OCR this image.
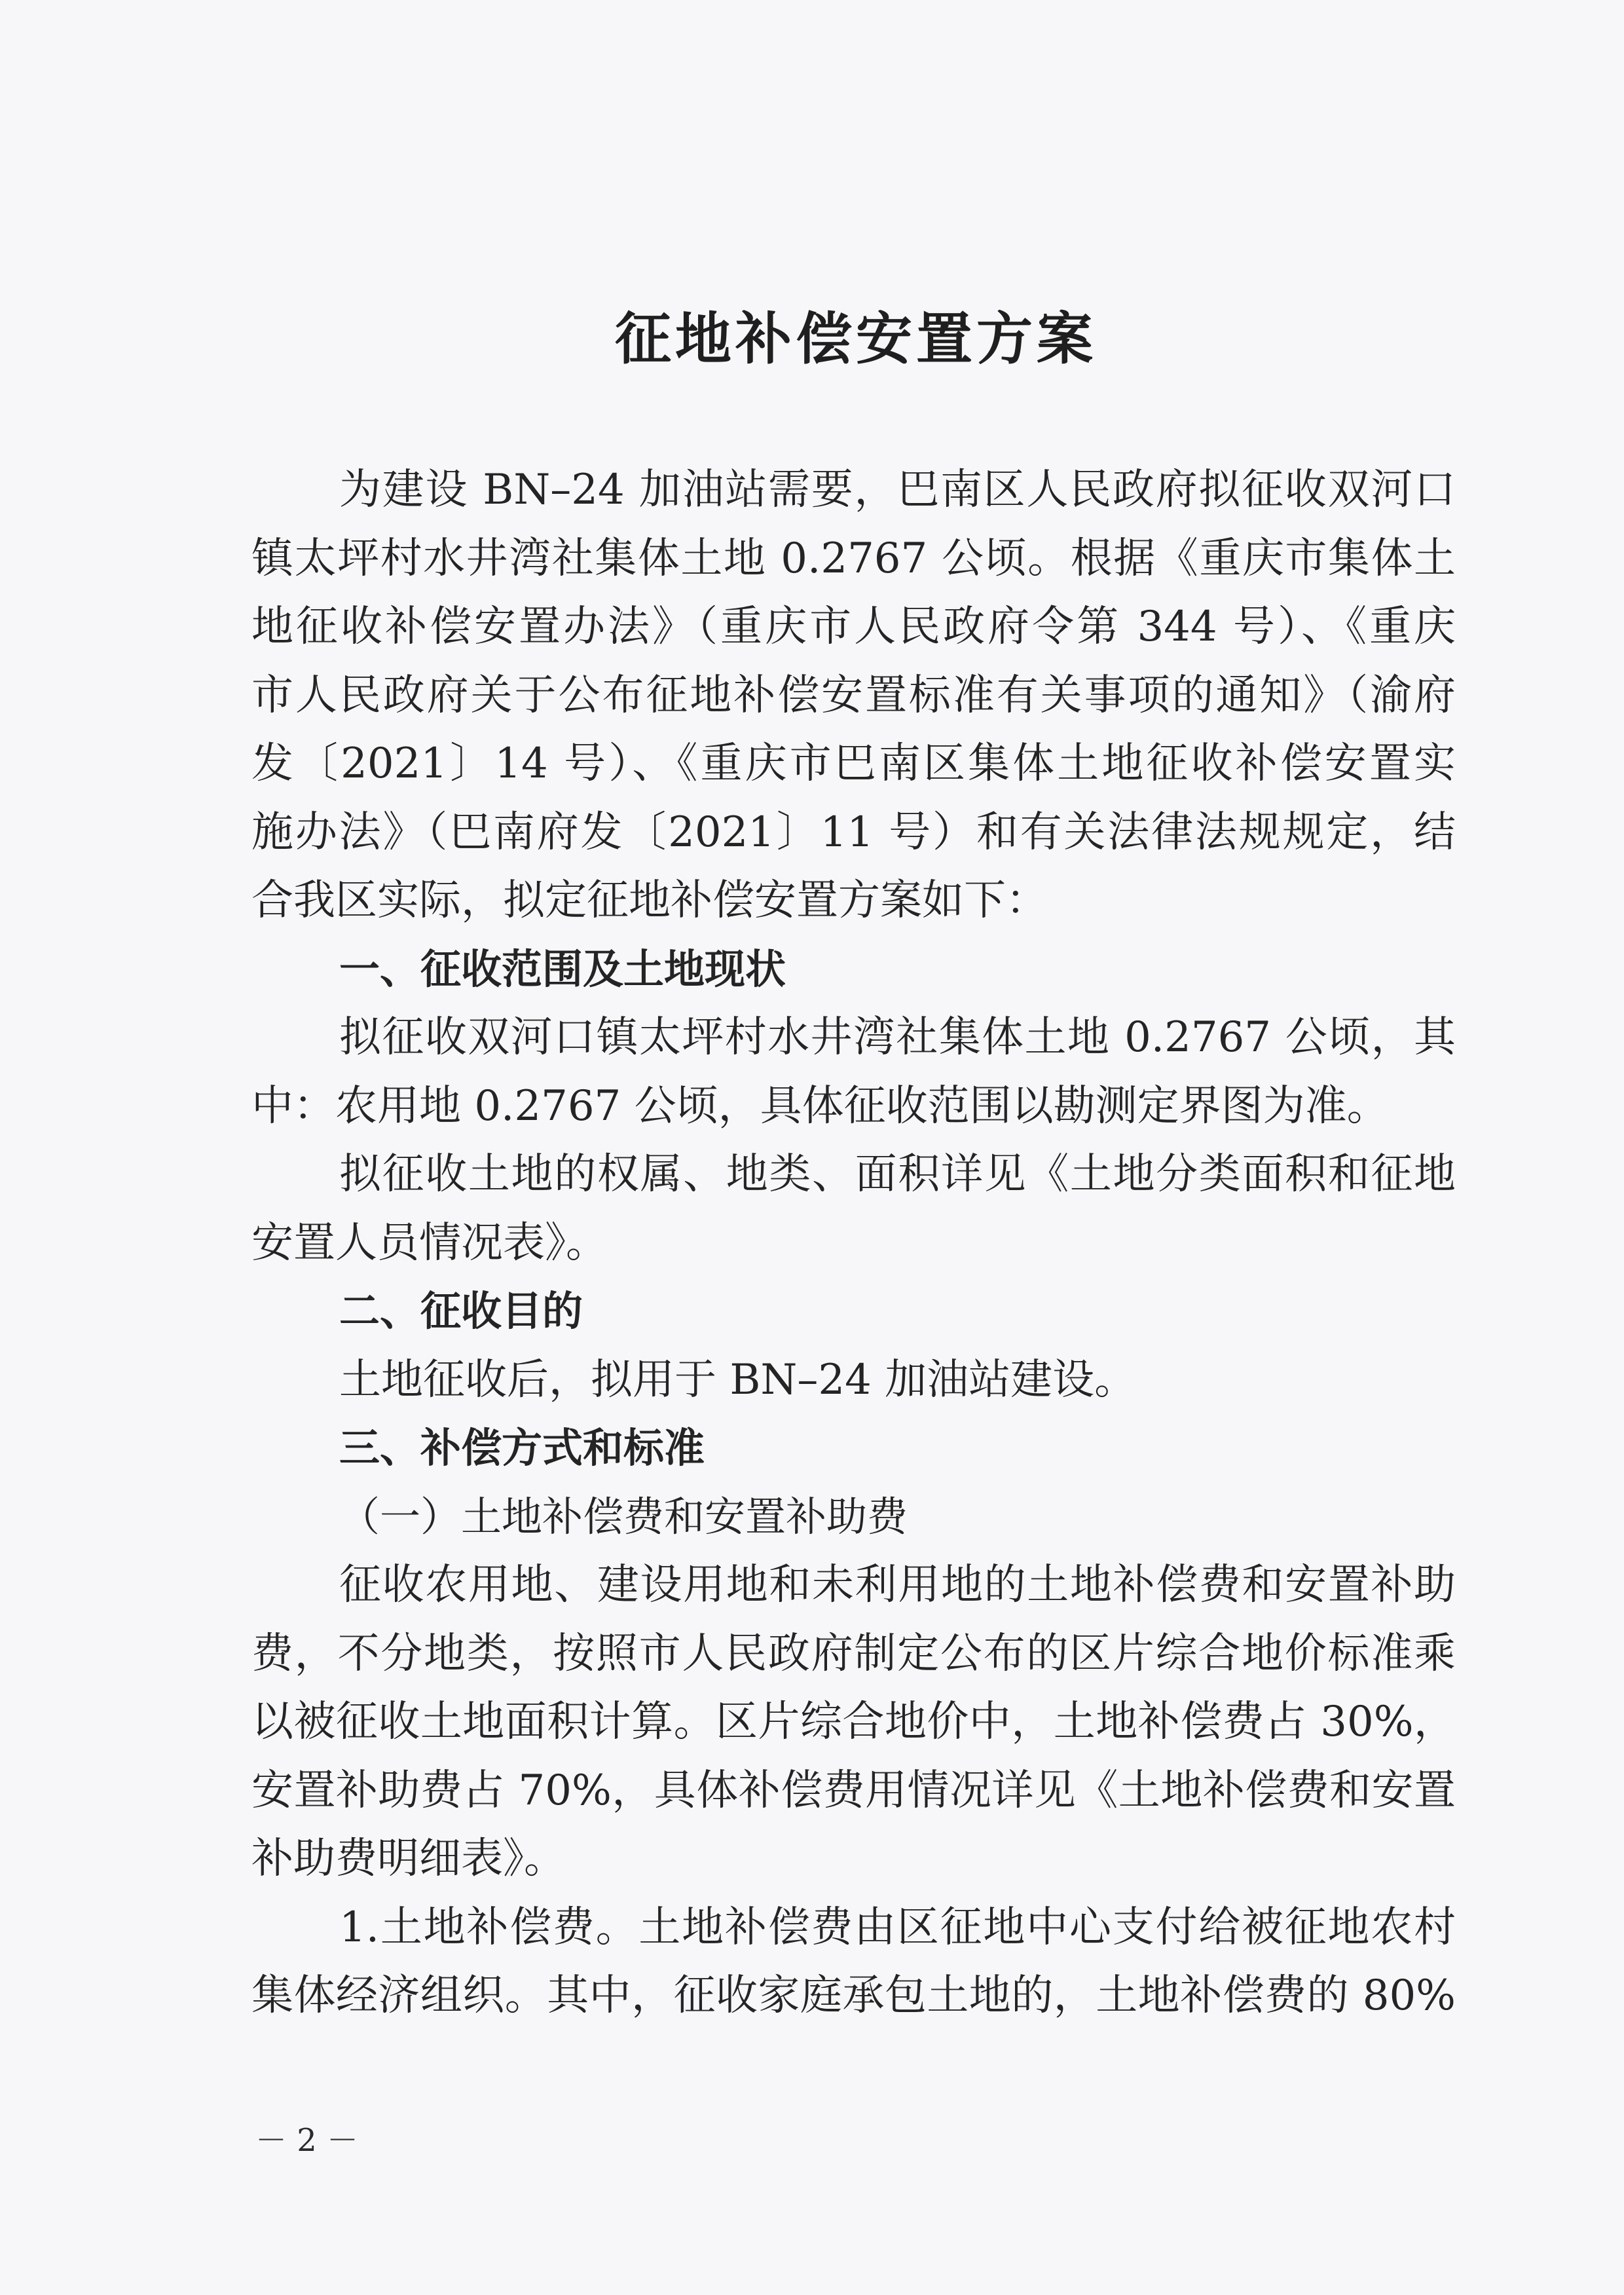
征地补偿安置方案
为建设 BN–24 加油站需要，巴南区人民政府拟征收双河口
镇太坪村水井湾社集体土地 0.2767 公顷。根据《重庆市集体土
地征收补偿安置办法》（重庆市人民政府令第 344 号）、《重庆
市人民政府关于公布征地补偿安置标准有关事项的通知》（渝府
发〔2021〕14 号）、《重庆市巴南区集体土地征收补偿安置实
施办法》（巴南府发〔2021〕11 号）和有关法律法规规定，结
合我区实际，拟定征地补偿安置方案如下：
一、征收范围及土地现状
拟征收双河口镇太坪村水井湾社集体土地 0.2767 公顷，其
中：农用地 0.2767 公顷，具体征收范围以勘测定界图为准。
拟征收土地的权属、地类、面积详见《土地分类面积和征地
安置人员情况表》。
二、征收目的
土地征收后，拟用于 BN–24 加油站建设。
三、补偿方式和标准
（一）土地补偿费和安置补助费
征收农用地、建设用地和未利用地的土地补偿费和安置补助
费，不分地类，按照市人民政府制定公布的区片综合地价标准乘
以被征收土地面积计算。区片综合地价中，土地补偿费占 30%，
安置补助费占 70%，具体补偿费用情况详见《土地补偿费和安置
补助费明细表》。
1.土地补偿费。土地补偿费由区征地中心支付给被征地农村
集体经济组织。其中，征收家庭承包土地的，土地补偿费的 80%
－ 2 －
